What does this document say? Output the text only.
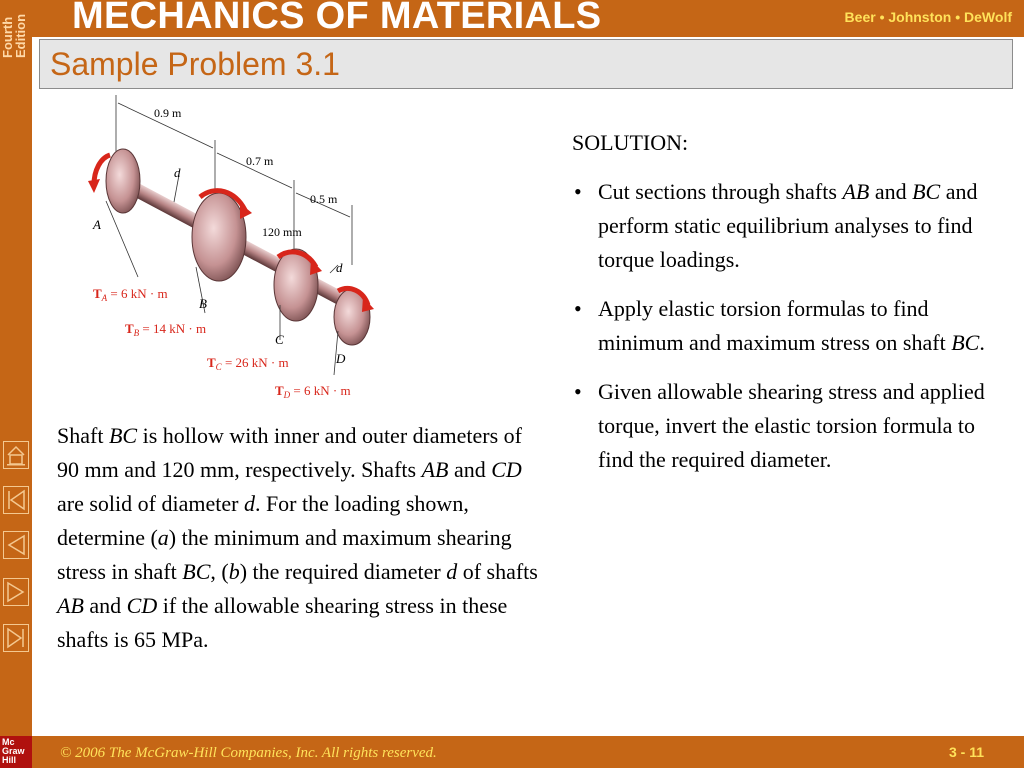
Fourth
Edition
Mc
Graw
Hill
MECHANICS OF MATERIALS	Beer • Johnston • DeWolf
Sample Problem 3.1
0.9 m
0.7 m
0.5 m
120 mm
d
d
A
B
C
D
$T_A = 6$ kN · m
$T_B = 14$ kN · m
$T_C = 26$ kN · m
$T_D = 6$ kN · m

Shaft BC is hollow with inner and outer diameters of 90 mm and 120 mm, respectively. Shafts AB and CD are solid of diameter d. For the loading shown, determine (a) the minimum and maximum shearing stress in shaft BC, (b) the required diameter d of shafts AB and CD if the allowable shearing stress in these shafts is 65 MPa.

SOLUTION:
• Cut sections through shafts AB and BC and perform static equilibrium analyses to find torque loadings.
• Apply elastic torsion formulas to find minimum and maximum stress on shaft BC.
• Given allowable shearing stress and applied torque, invert the elastic torsion formula to find the required diameter.
© 2006 The McGraw-Hill Companies, Inc. All rights reserved.	3 - 11
